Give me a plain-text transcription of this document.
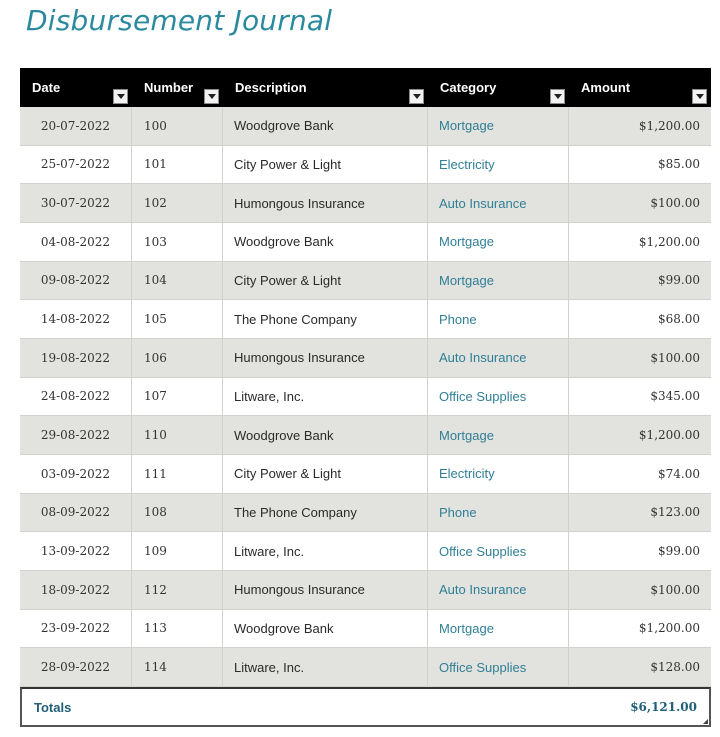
Disbursement Journal
Date	Number	Description	Category	Amount
20-07-2022	100	Woodgrove Bank	Mortgage	$1,200.00
25-07-2022	101	City Power & Light	Electricity	$85.00
30-07-2022	102	Humongous Insurance	Auto Insurance	$100.00
04-08-2022	103	Woodgrove Bank	Mortgage	$1,200.00
09-08-2022	104	City Power & Light	Mortgage	$99.00
14-08-2022	105	The Phone Company	Phone	$68.00
19-08-2022	106	Humongous Insurance	Auto Insurance	$100.00
24-08-2022	107	Litware, Inc.	Office Supplies	$345.00
29-08-2022	110	Woodgrove Bank	Mortgage	$1,200.00
03-09-2022	111	City Power & Light	Electricity	$74.00
08-09-2022	108	The Phone Company	Phone	$123.00
13-09-2022	109	Litware, Inc.	Office Supplies	$99.00
18-09-2022	112	Humongous Insurance	Auto Insurance	$100.00
23-09-2022	113	Woodgrove Bank	Mortgage	$1,200.00
28-09-2022	114	Litware, Inc.	Office Supplies	$128.00
Totals	$6,121.00
